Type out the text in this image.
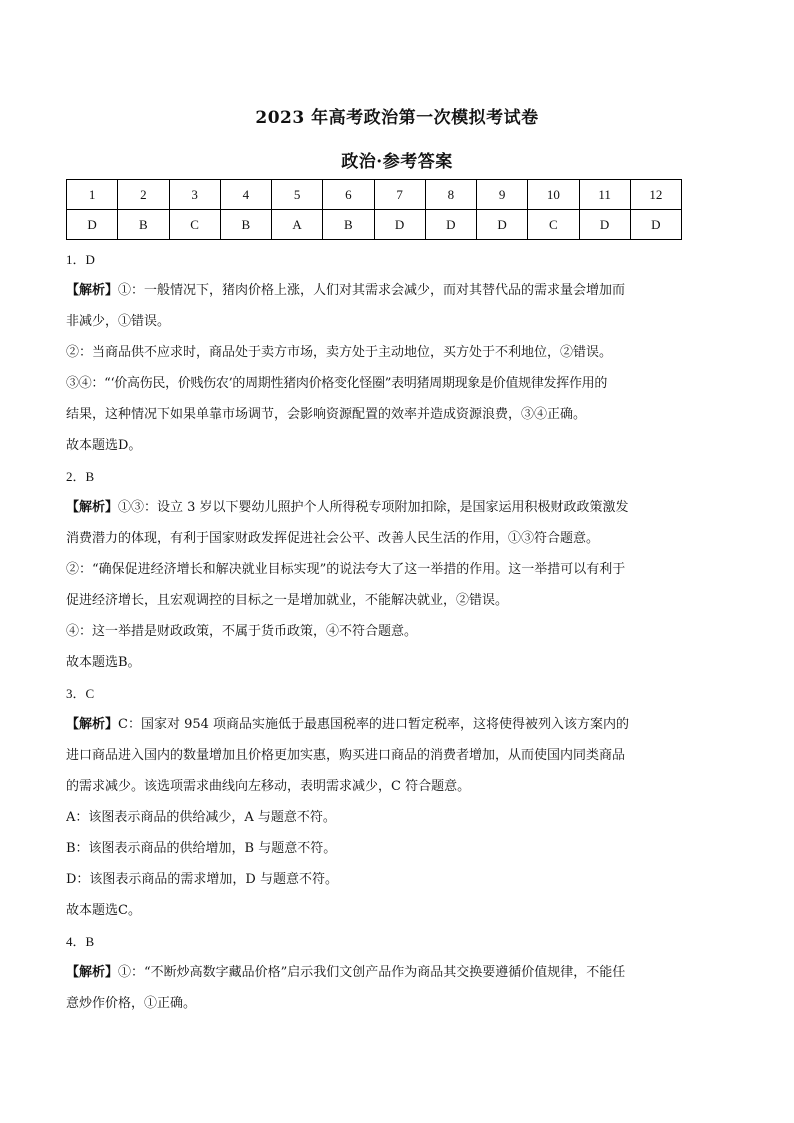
2023 年高考政治第一次模拟考试卷
政治·参考答案
1	2	3	4	5	6	7	8	9	10	11	12
D	B	C	B	A	B	D	D	D	C	D	D

1．D

【解析】①：一般情况下，猪肉价格上涨，人们对其需求会减少，而对其替代品的需求量会增加而

非减少，①错误。

②：当商品供不应求时，商品处于卖方市场，卖方处于主动地位，买方处于不利地位，②错误。

③④：“‘价高伤民，价贱伤农’的周期性猪肉价格变化怪圈”表明猪周期现象是价值规律发挥作用的

结果，这种情况下如果单靠市场调节，会影响资源配置的效率并造成资源浪费，③④正确。

故本题选D。

2．B

【解析】①③：设立 3 岁以下婴幼儿照护个人所得税专项附加扣除，是国家运用积极财政政策激发

消费潜力的体现，有利于国家财政发挥促进社会公平、改善人民生活的作用，①③符合题意。

②：“确保促进经济增长和解决就业目标实现”的说法夸大了这一举措的作用。这一举措可以有利于

促进经济增长，且宏观调控的目标之一是增加就业，不能解决就业，②错误。

④：这一举措是财政政策，不属于货币政策，④不符合题意。

故本题选B。

3．C

【解析】C：国家对 954 项商品实施低于最惠国税率的进口暂定税率，这将使得被列入该方案内的

进口商品进入国内的数量增加且价格更加实惠，购买进口商品的消费者增加，从而使国内同类商品

的需求减少。该选项需求曲线向左移动，表明需求减少，C 符合题意。

A：该图表示商品的供给减少，A 与题意不符。

B：该图表示商品的供给增加，B 与题意不符。

D：该图表示商品的需求增加，D 与题意不符。

故本题选C。

4．B

【解析】①：“不断炒高数字藏品价格”启示我们文创产品作为商品其交换要遵循价值规律，不能任

意炒作价格，①正确。
